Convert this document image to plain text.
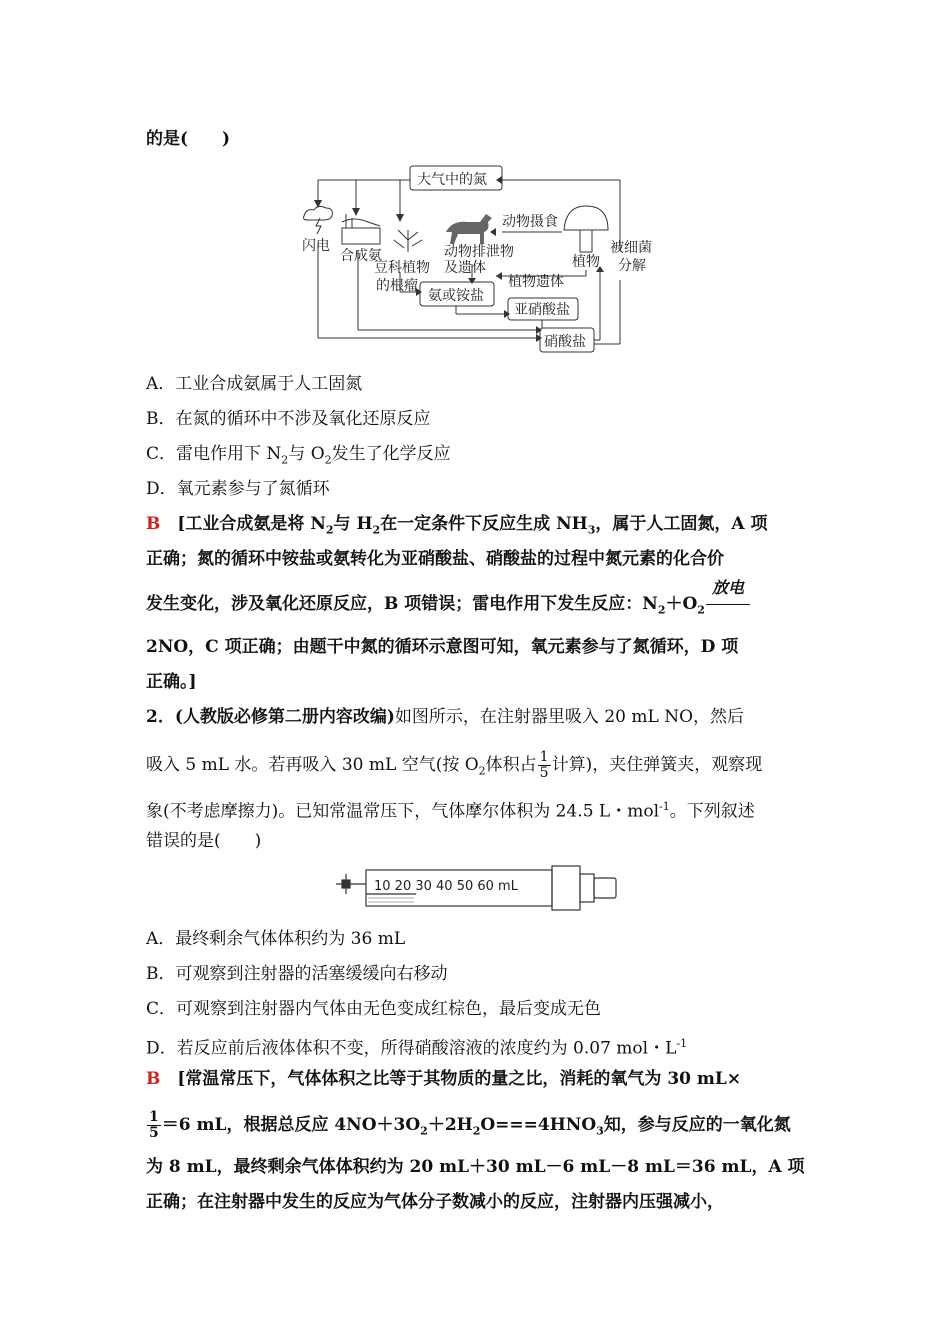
的是(　　)
大气中的氮
闪电
合成氨
豆科植物
的根瘤
动物排泄物
及遗体
动物摄食
植物
被细菌
分解
植物遗体
氨或铵盐
亚硝酸盐
硝酸盐
A．工业合成氨属于人工固氮
B．在氮的循环中不涉及氧化还原反应
C．雷电作用下 $N_2$与 $O_2$发生了化学反应
D．氧元素参与了氮循环
B　 [工业合成氨是将 $N_2$与 $H_2$在一定条件下反应生成 $NH_3$，属于人工固氮，A 项
正确；氮的循环中铵盐或氨转化为亚硝酸盐、硝酸盐的过程中氮元素的化合价
发生变化，涉及氧化还原反应，B 项错误；雷电作用下发生反应：$N_2+O_2$
放电
2NO，C 项正确；由题干中氮的循环示意图可知，氧元素参与了氮循环，D 项
正确。]
2．(人教版必修第二册内容改编)如图所示，在注射器里吸入 20 mL NO，然后
吸入 5 mL 水。若再吸入 30 mL 空气(按 $O_2$体积占 $\frac{1}{5}$ 计算)，夹住弹簧夹，观察现
象(不考虑摩擦力)。已知常温常压下，气体摩尔体积为 24.5 L・mol$^{-1}$。下列叙述
错误的是(　　)
10 20 30 40 50 60 mL
A．最终剩余气体体积约为 36 mL
B．可观察到注射器的活塞缓缓向右移动
C．可观察到注射器内气体由无色变成红棕色，最后变成无色
D．若反应前后液体体积不变，所得硝酸溶液的浓度约为 0.07 mol・$L^{-1}$
B　 [常温常压下，气体体积之比等于其物质的量之比，消耗的氧气为 30 mL×
$\frac{1}{5} =6$ mL，根据总反应 $4NO+3O_2+2H_2O===4HNO_3$知，参与反应的一氧化氮
为 8 mL，最终剩余气体体积约为 20 mL＋30 mL－6 mL－8 mL＝36 mL，A 项
正确；在注射器中发生的反应为气体分子数减小的反应，注射器内压强减小，
